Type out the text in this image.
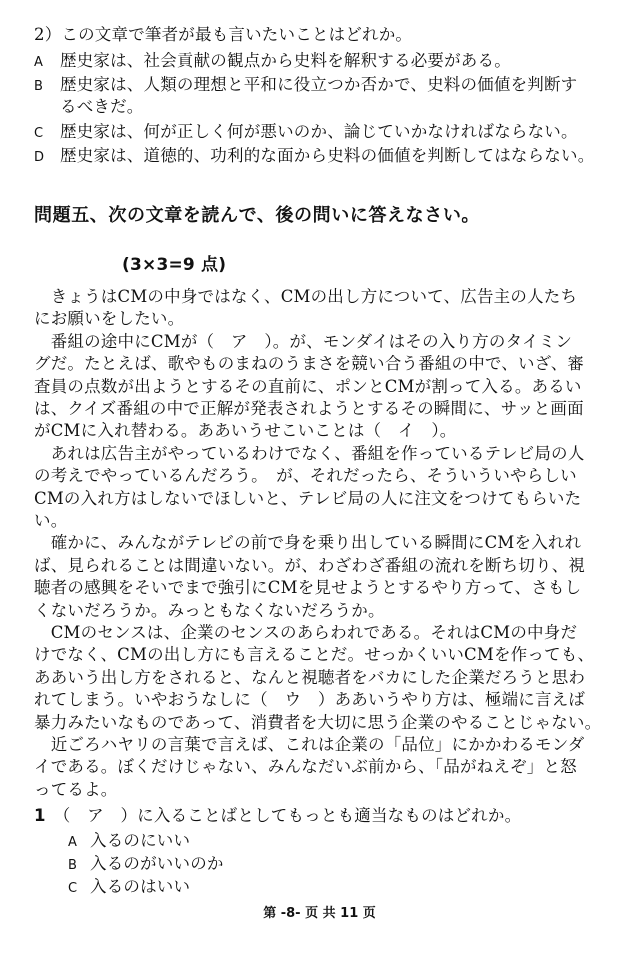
2）この文章で筆者が最も言いたいことはどれか。
A 歴史家は、社会貢献の観点から史料を解釈する必要がある。
B 歴史家は、人類の理想と平和に役立つか否かで、史料の価値を判断す
るべきだ。
C 歴史家は、何が正しく何が悪いのか、論じていかなければならない。
D 歴史家は、道徳的、功利的な面から史料の価値を判断してはならない。
問題五、次の文章を読んで、後の問いに答えなさい。
(3×3=9 点)
　きょうはCMの中身ではなく、CMの出し方について、広告主の人たち
にお願いをしたい。
　番組の途中にCMが（　ア　）。が、モンダイはその入り方のタイミン
グだ。たとえば、歌やものまねのうまさを競い合う番組の中で、いざ、審
査員の点数が出ようとするその直前に、ポンとCMが割って入る。あるい
は、クイズ番組の中で正解が発表されようとするその瞬間に、サッと画面
がCMに入れ替わる。ああいうせこいことは（　イ　）。
　あれは広告主がやっているわけでなく、番組を作っているテレビ局の人
の考えでやっているんだろう。　が、それだったら、そういういやらしい
CMの入れ方はしないでほしいと、テレビ局の人に注文をつけてもらいた
い。
　確かに、みんながテレビの前で身を乗り出している瞬間にCMを入れれ
ば、見られることは間違いない。が、わざわざ番組の流れを断ち切り、視
聴者の感興をそいでまで強引にCMを見せようとするやり方って、さもし
くないだろうか。みっともなくないだろうか。
　CMのセンスは、企業のセンスのあらわれである。それはCMの中身だ
けでなく、CMの出し方にも言えることだ。せっかくいいCMを作っても、
ああいう出し方をされると、なんと視聴者をバカにした企業だろうと思わ
れてしまう。いやおうなしに（　ウ　）ああいうやり方は、極端に言えば
暴力みたいなものであって、消費者を大切に思う企業のやることじゃない。
　近ごろハヤリの言葉で言えば、これは企業の「品位」にかかわるモンダ
イである。ぼくだけじゃない、みんなだいぶ前から、「品がねえぞ」と怒
ってるよ。
1 （　ア　）に入ることばとしてもっとも適当なものはどれか。
A 入るのにいい
B 入るのがいいのか
C 入るのはいい
第 -8- 页 共 11 页
